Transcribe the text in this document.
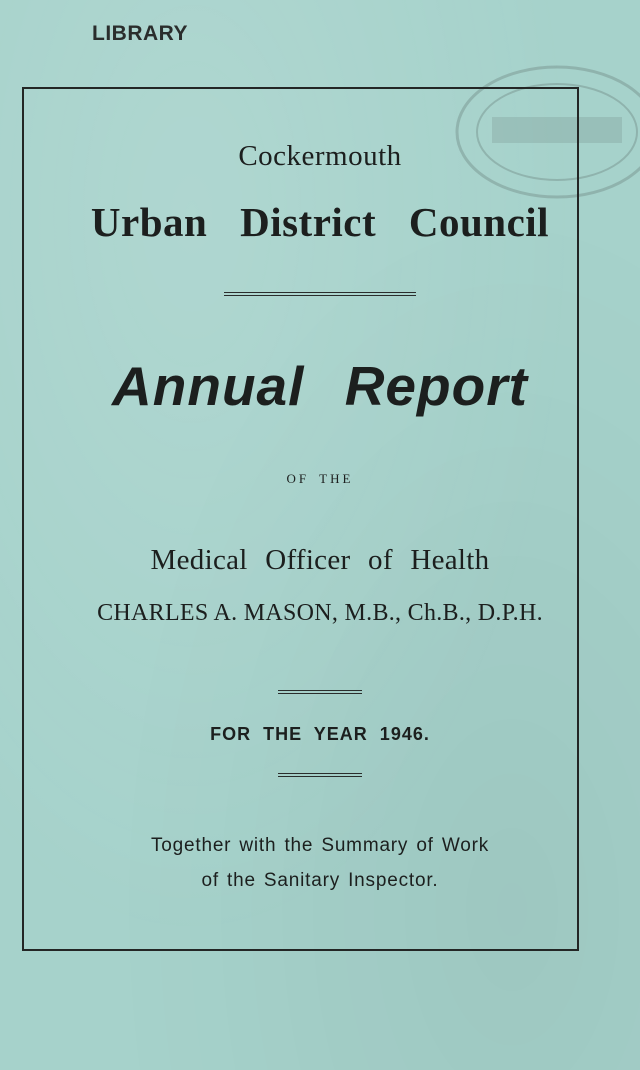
LIBRARY

Cockermouth

Urban District Council

Annual Report

OF THE

Medical Officer of Health

CHARLES A. MASON, M.B., Ch.B., D.P.H.

FOR THE YEAR 1946.

Together with the Summary of Work

of the Sanitary Inspector.
